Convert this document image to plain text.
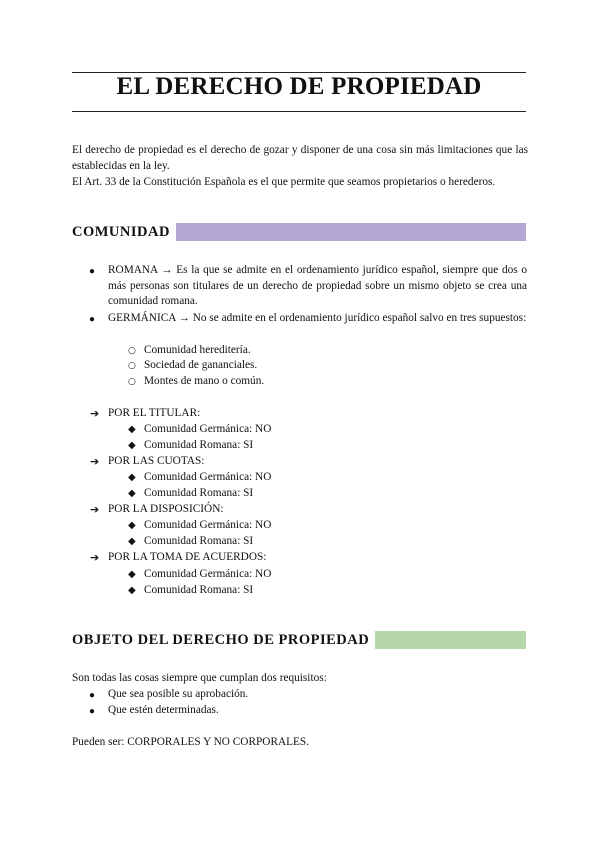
EL DERECHO DE PROPIEDAD
El derecho de propiedad es el derecho de gozar y disponer de una cosa sin más limitaciones que las establecidas en la ley.
El Art. 33 de la Constitución Española es el que permite que seamos propietarios o herederos.
COMUNIDAD
● ROMANA → Es la que se admite en el ordenamiento jurídico español, siempre que dos o más personas son titulares de un derecho de propiedad sobre un mismo objeto se crea una comunidad romana.
● GERMÁNICA → No se admite en el ordenamiento jurídico español salvo en tres supuestos:
○ Comunidad hereditería.
○ Sociedad de gananciales.
○ Montes de mano o común.
➔ POR EL TITULAR:
◆ Comunidad Germánica: NO
◆ Comunidad Romana: SI
➔ POR LAS CUOTAS:
◆ Comunidad Germánica: NO
◆ Comunidad Romana: SI
➔ POR LA DISPOSICIÓN:
◆ Comunidad Germánica: NO
◆ Comunidad Romana: SI
➔ POR LA TOMA DE ACUERDOS:
◆ Comunidad Germánica: NO
◆ Comunidad Romana: SI
OBJETO DEL DERECHO DE PROPIEDAD
Son todas las cosas siempre que cumplan dos requisitos:
● Que sea posible su aprobación.
● Que estén determinadas.
Pueden ser: CORPORALES Y NO CORPORALES.
